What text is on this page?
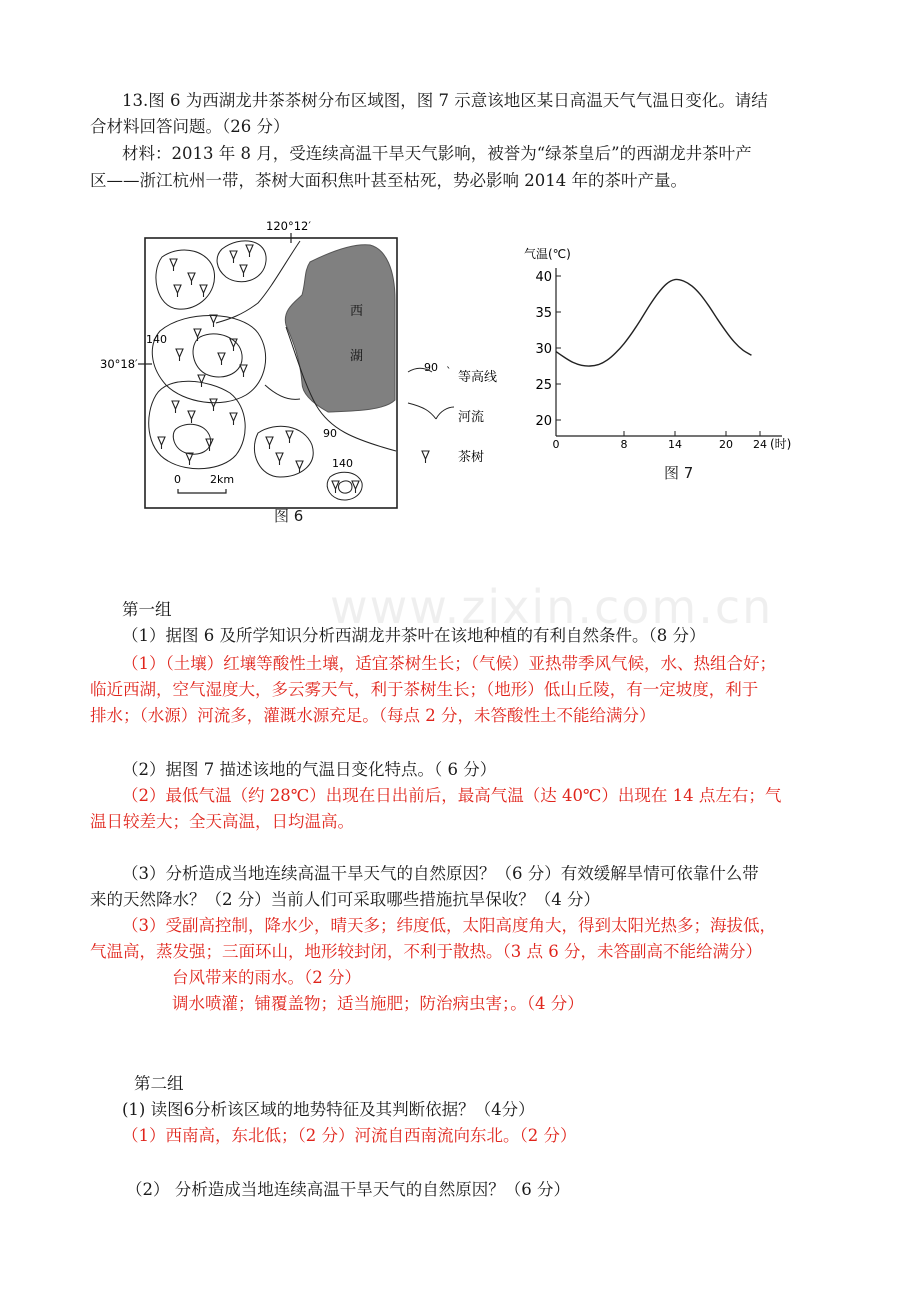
13.图 6 为西湖龙井茶茶树分布区域图，图 7 示意该地区某日高温天气气温日变化。请结
合材料回答问题。（26 分）
材料：2013 年 8 月，受连续高温干旱天气影响，被誉为“绿茶皇后”的西湖龙井茶叶产
区——浙江杭州一带，茶树大面积焦叶甚至枯死，势必影响 2014 年的茶叶产量。
120°12′
30°18′
西
湖
140
140
90
0	2km
90 ` 等高线
河流
茶树
图 6
气温(℃)
20
25
30
35
40
0	8	14	20 24 (时)
图 7
第一组
（1）据图 6 及所学知识分析西湖龙井茶叶在该地种植的有利自然条件。（8 分）
（1）（土壤）红壤等酸性土壤，适宜茶树生长；（气候）亚热带季风气候，水、热组合好；
临近西湖，空气湿度大，多云雾天气，利于茶树生长；（地形）低山丘陵，有一定坡度，利于
排水；（水源）河流多，灌溉水源充足。（每点 2 分，未答酸性土不能给满分）
（2）据图 7 描述该地的气温日变化特点。（ 6 分）
（2）最低气温（约 28℃）出现在日出前后，最高气温（达 40℃）出现在 14 点左右；气
温日较差大；全天高温，日均温高。
（3）分析造成当地连续高温干旱天气的自然原因？（6 分）有效缓解旱情可依靠什么带
来的天然降水？（2 分）当前人们可采取哪些措施抗旱保收？（4 分）
（3）受副高控制，降水少，晴天多；纬度低，太阳高度角大，得到太阳光热多；海拔低，
气温高，蒸发强；三面环山，地形较封闭，不利于散热。（3 点 6 分，未答副高不能给满分）
台风带来的雨水。（2 分）
调水喷灌；铺覆盖物；适当施肥；防治病虫害；。（4 分）
第二组
(1) 读图6分析该区域的地势特征及其判断依据？（4分）
（1）西南高，东北低；（2 分）河流自西南流向东北。（2 分）
（2） 分析造成当地连续高温干旱天气的自然原因？（6 分）
www.zixin.com.cn
